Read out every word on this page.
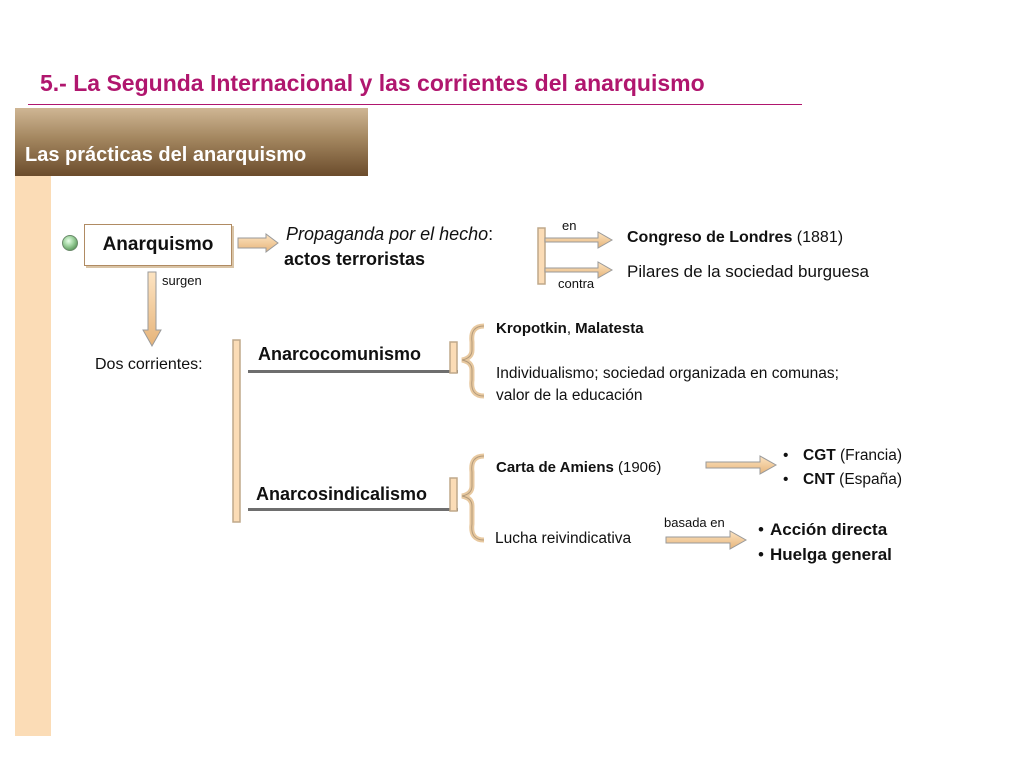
5.- La Segunda Internacional y las corrientes del anarquismo
Las prácticas del anarquismo
Anarquismo
surgen
Propaganda por el hecho:
actos terroristas
en
contra
Congreso de Londres (1881)
Pilares de la sociedad burguesa
Dos corrientes:
Anarcocomunismo
Anarcosindicalismo
Kropotkin, Malatesta
Individualismo; sociedad organizada en comunas;
valor de la educación
Carta de Amiens (1906)
• CGT (Francia)
• CNT (España)
Lucha reivindicativa
basada en • Acción directa
• Huelga general
